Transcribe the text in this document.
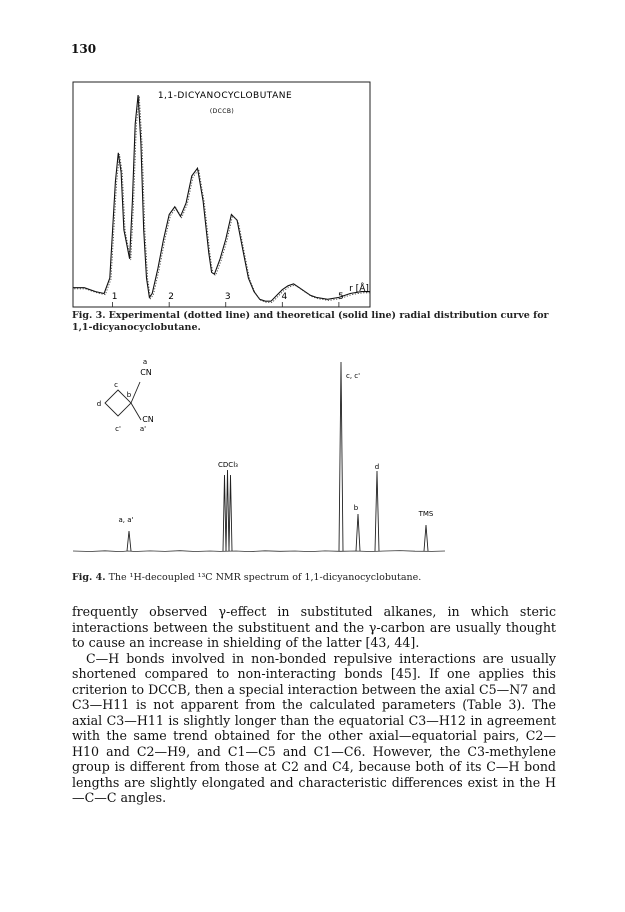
130
1,1-DICYANOCYCLOBUTANE
(DCCB)
1	2	3	4	5
r [Å]
Fig. 3. Experimental (dotted line) and theoretical (solid line) radial distribution curve for 1,1-dicyanocyclobutane.
c
a
CN
b
d
CN
a'
c'
c, c'
CDCl₃	d
b
TMS
a, a'
Fig. 4. The ¹H-decoupled ¹³C NMR spectrum of 1,1-dicyanocyclobutane.

frequently observed γ-effect in substituted alkanes, in which steric interactions between the substituent and the γ-carbon are usually thought to cause an increase in shielding of the latter [43, 44].

C—H bonds involved in non-bonded repulsive interactions are usually shortened compared to non-interacting bonds [45]. If one applies this criterion to DCCB, then a special interaction between the axial C5—N7 and C3—H11 is not apparent from the calculated parameters (Table 3). The axial C3—H11 is slightly longer than the equatorial C3—H12 in agreement with the same trend obtained for the other axial—equatorial pairs, C2—H10 and C2—H9, and C1—C5 and C1—C6. However, the C3-methylene group is different from those at C2 and C4, because both of its C—H bond lengths are slightly elongated and characteristic differences exist in the H—C—C angles.
